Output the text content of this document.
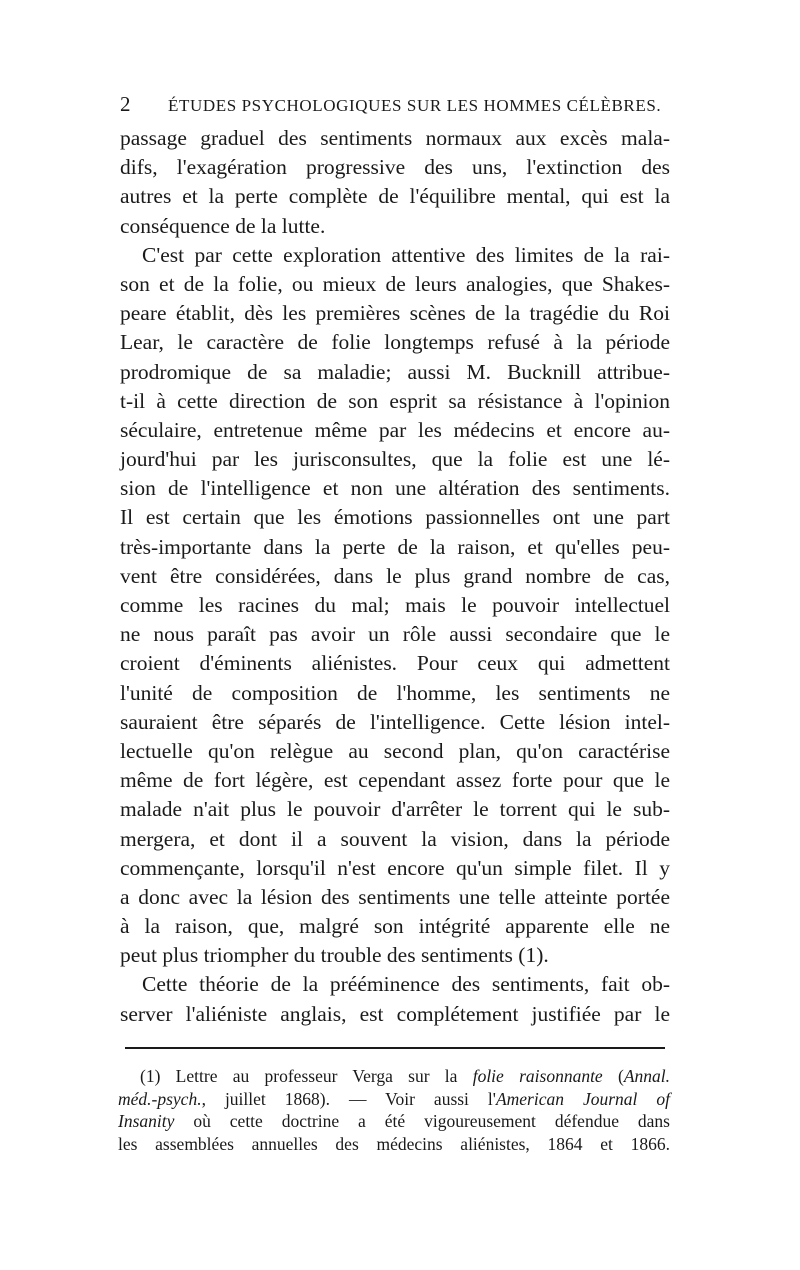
2 ÉTUDES PSYCHOLOGIQUES SUR LES HOMMES CÉLÈBRES.
passage graduel des sentiments normaux aux excès mala-
difs, l'exagération progressive des uns, l'extinction des
autres et la perte complète de l'équilibre mental, qui est la
conséquence de la lutte.
C'est par cette exploration attentive des limites de la rai-
son et de la folie, ou mieux de leurs analogies, que Shakes-
peare établit, dès les premières scènes de la tragédie du Roi
Lear, le caractère de folie longtemps refusé à la période
prodromique de sa maladie; aussi M. Bucknill attribue-
t-il à cette direction de son esprit sa résistance à l'opinion
séculaire, entretenue même par les médecins et encore au-
jourd'hui par les jurisconsultes, que la folie est une lé-
sion de l'intelligence et non une altération des sentiments.
Il est certain que les émotions passionnelles ont une part
très-importante dans la perte de la raison, et qu'elles peu-
vent être considérées, dans le plus grand nombre de cas,
comme les racines du mal; mais le pouvoir intellectuel
ne nous paraît pas avoir un rôle aussi secondaire que le
croient d'éminents aliénistes. Pour ceux qui admettent
l'unité de composition de l'homme, les sentiments ne
sauraient être séparés de l'intelligence. Cette lésion intel-
lectuelle qu'on relègue au second plan, qu'on caractérise
même de fort légère, est cependant assez forte pour que le
malade n'ait plus le pouvoir d'arrêter le torrent qui le sub-
mergera, et dont il a souvent la vision, dans la période
commençante, lorsqu'il n'est encore qu'un simple filet. Il y
a donc avec la lésion des sentiments une telle atteinte portée
à la raison, que, malgré son intégrité apparente elle ne
peut plus triompher du trouble des sentiments (1).
Cette théorie de la prééminence des sentiments, fait ob-
server l'aliéniste anglais, est complétement justifiée par le
(1) Lettre au professeur Verga sur la folie raisonnante (Annal.
méd.-psych., juillet 1868). — Voir aussi l'American Journal of
Insanity où cette doctrine a été vigoureusement défendue dans
les assemblées annuelles des médecins aliénistes, 1864 et 1866.
